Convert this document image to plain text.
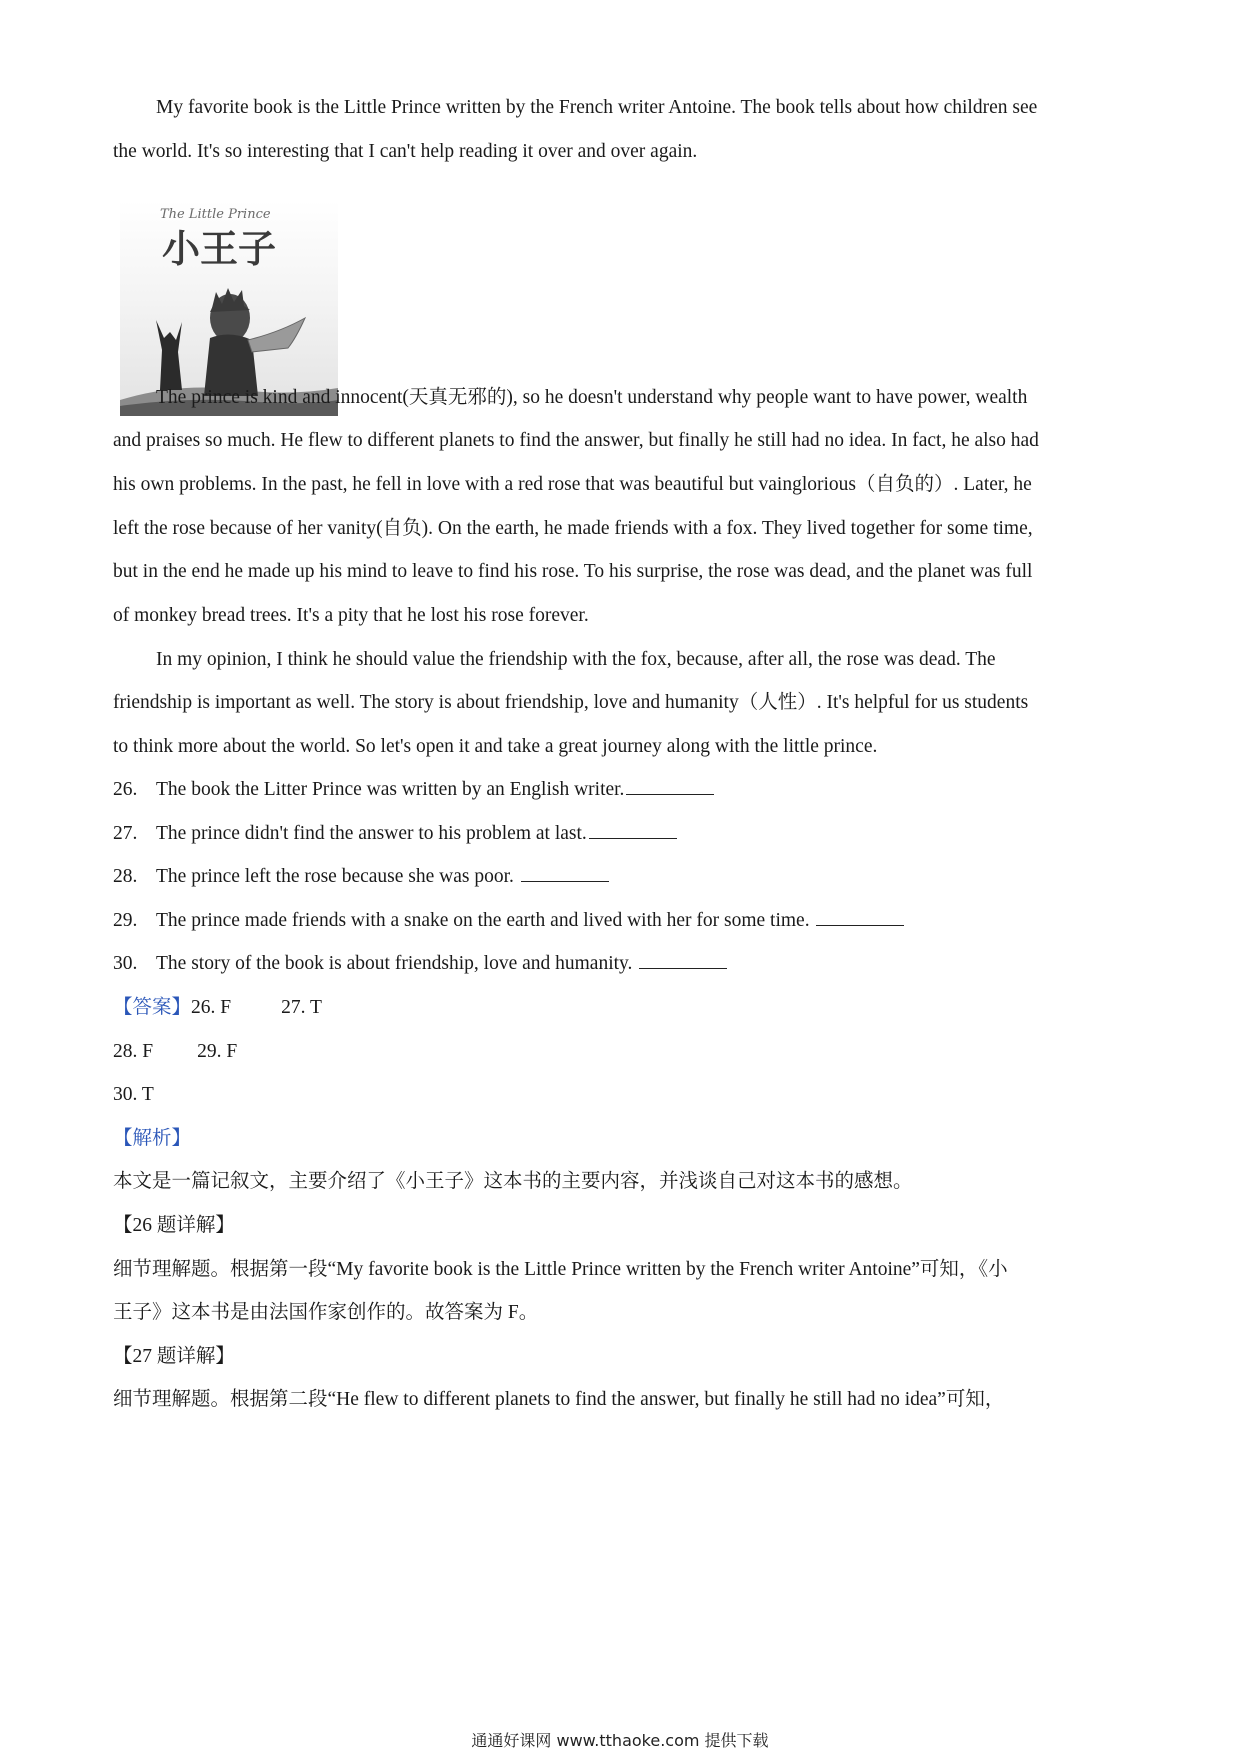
My favorite book is the Little Prince written by the French writer Antoine. The book tells about how children see
the world. It's so interesting that I can't help reading it over and over again.
The Little Prince
小王子
The prince is kind and innocent(天真无邪的), so he doesn't understand why people want to have power, wealth
and praises so much. He flew to different planets to find the answer, but finally he still had no idea. In fact, he also had
his own problems. In the past, he fell in love with a red rose that was beautiful but vainglorious（自负的）. Later, he
left the rose because of her vanity(自负). On the earth, he made friends with a fox. They lived together for some time,
but in the end he made up his mind to leave to find his rose. To his surprise, the rose was dead, and the planet was full
of monkey bread trees. It's a pity that he lost his rose forever.
In my opinion, I think he should value the friendship with the fox, because, after all, the rose was dead. The
friendship is important as well. The story is about friendship, love and humanity（人性）. It's helpful for us students
to think more about the world. So let's open it and take a great journey along with the little prince.
26. The book the Litter Prince was written by an English writer.
27. The prince didn't find the answer to his problem at last.
28. The prince left the rose because she was poor.
29. The prince made friends with a snake on the earth and lived with her for some time.
30. The story of the book is about friendship, love and humanity.
【答案】26. F	27. T
28. F 29. F
30. T
【解析】
本文是一篇记叙文，主要介绍了《小王子》这本书的主要内容，并浅谈自己对这本书的感想。
【26 题详解】
细节理解题。根据第一段“My favorite book is the Little Prince written by the French writer Antoine”可知，《小
王子》这本书是由法国作家创作的。故答案为 F。
【27 题详解】
细节理解题。根据第二段“He flew to different planets to find the answer, but finally he still had no idea”可知，
通通好课网 www.tthaoke.com 提供下载
